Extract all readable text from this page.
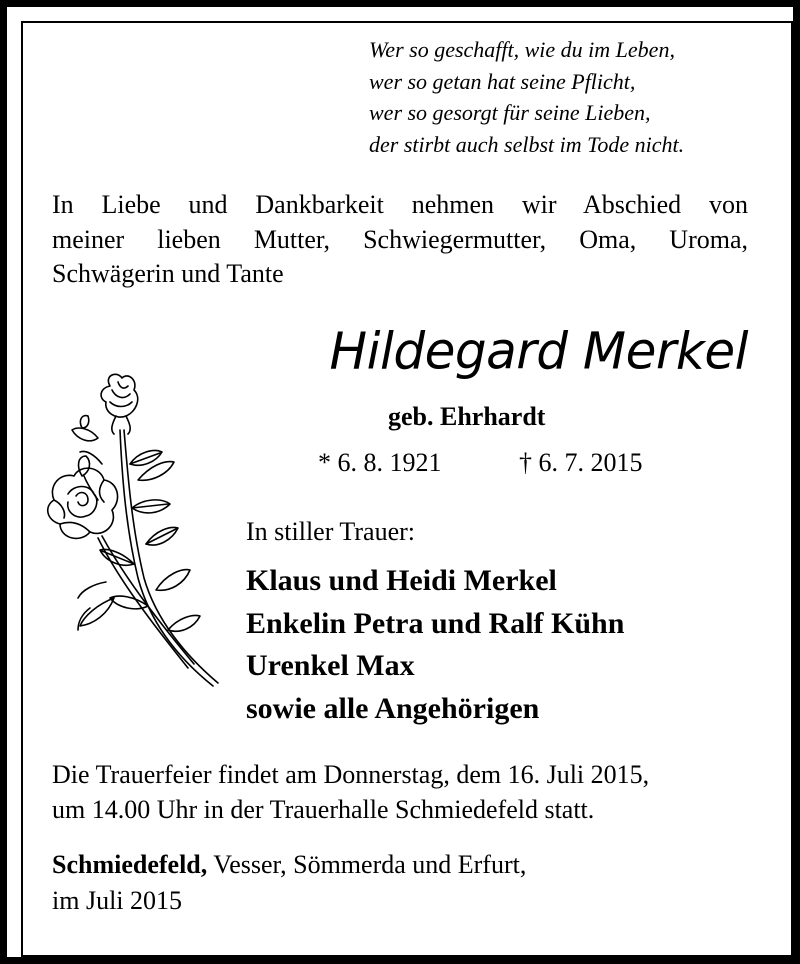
Wer so geschafft, wie du im Leben,
wer so getan hat seine Pflicht,
wer so gesorgt für seine Lieben,
der stirbt auch selbst im Tode nicht.
In Liebe und Dankbarkeit nehmen wir Abschied von
meiner lieben Mutter, Schwiegermutter, Oma, Uroma,
Schwägerin und Tante
Hildegard Merkel
geb. Ehrhardt
* 6. 8. 1921	† 6. 7. 2015
In stiller Trauer:
Klaus und Heidi Merkel
Enkelin Petra und Ralf Kühn
Urenkel Max
sowie alle Angehörigen
Die Trauerfeier findet am Donnerstag, dem 16. Juli 2015,
um 14.00 Uhr in der Trauerhalle Schmiedefeld statt.
Schmiedefeld, Vesser, Sömmerda und Erfurt,
im Juli 2015
